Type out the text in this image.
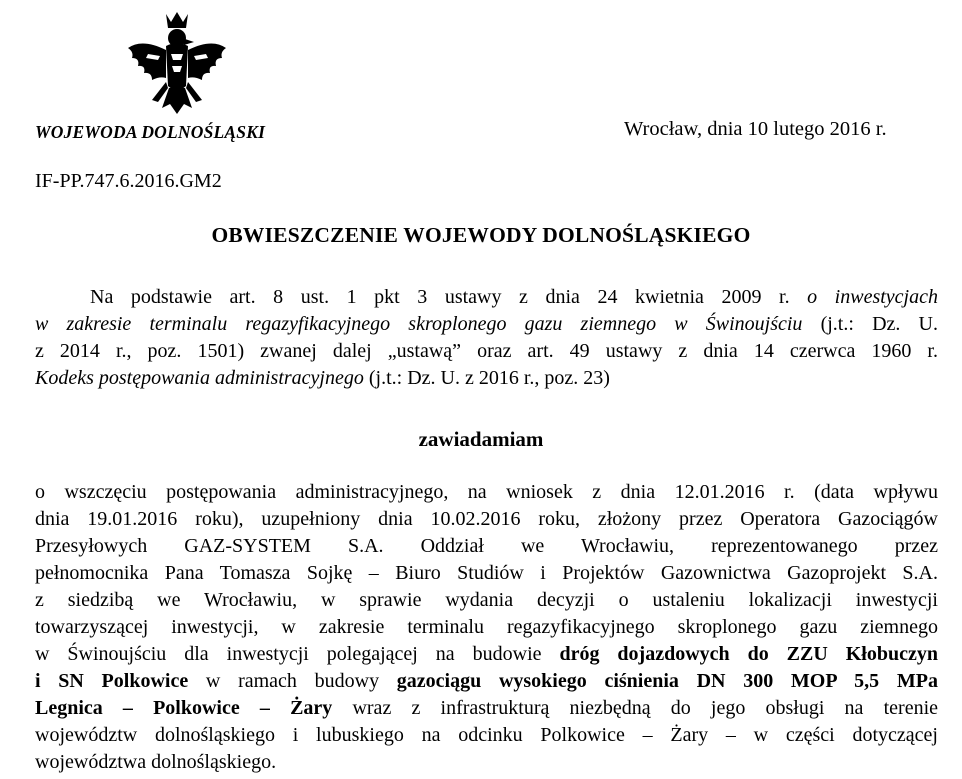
WOJEWODA DOLNOŚLĄSKI	Wrocław, dnia 10 lutego 2016 r.
IF-PP.747.6.2016.GM2
OBWIESZCZENIE WOJEWODY DOLNOŚLĄSKIEGO
Na podstawie art. 8 ust. 1 pkt 3 ustawy z dnia 24 kwietnia 2009 r. o inwestycjach
w zakresie terminalu regazyfikacyjnego skroplonego gazu ziemnego w Świnoujściu (j.t.: Dz. U.
z 2014 r., poz. 1501) zwanej dalej „ustawą” oraz art. 49 ustawy z dnia 14 czerwca 1960 r.
Kodeks postępowania administracyjnego (j.t.: Dz. U. z 2016 r., poz. 23)
zawiadamiam
o wszczęciu postępowania administracyjnego, na wniosek z dnia 12.01.2016 r. (data wpływu
dnia 19.01.2016 roku), uzupełniony dnia 10.02.2016 roku, złożony przez Operatora Gazociągów
Przesyłowych GAZ-SYSTEM S.A. Oddział we Wrocławiu, reprezentowanego przez
pełnomocnika Pana Tomasza Sojkę – Biuro Studiów i Projektów Gazownictwa Gazoprojekt S.A.
z siedzibą we Wrocławiu, w sprawie wydania decyzji o ustaleniu lokalizacji inwestycji
towarzyszącej inwestycji, w zakresie terminalu regazyfikacyjnego skroplonego gazu ziemnego
w Świnoujściu dla inwestycji polegającej na budowie dróg dojazdowych do ZZU Kłobuczyn
i SN Polkowice w ramach budowy gazociągu wysokiego ciśnienia DN 300 MOP 5,5 MPa
Legnica – Polkowice – Żary wraz z infrastrukturą niezbędną do jego obsługi na terenie
województw dolnośląskiego i lubuskiego na odcinku Polkowice – Żary – w części dotyczącej
województwa dolnośląskiego.
